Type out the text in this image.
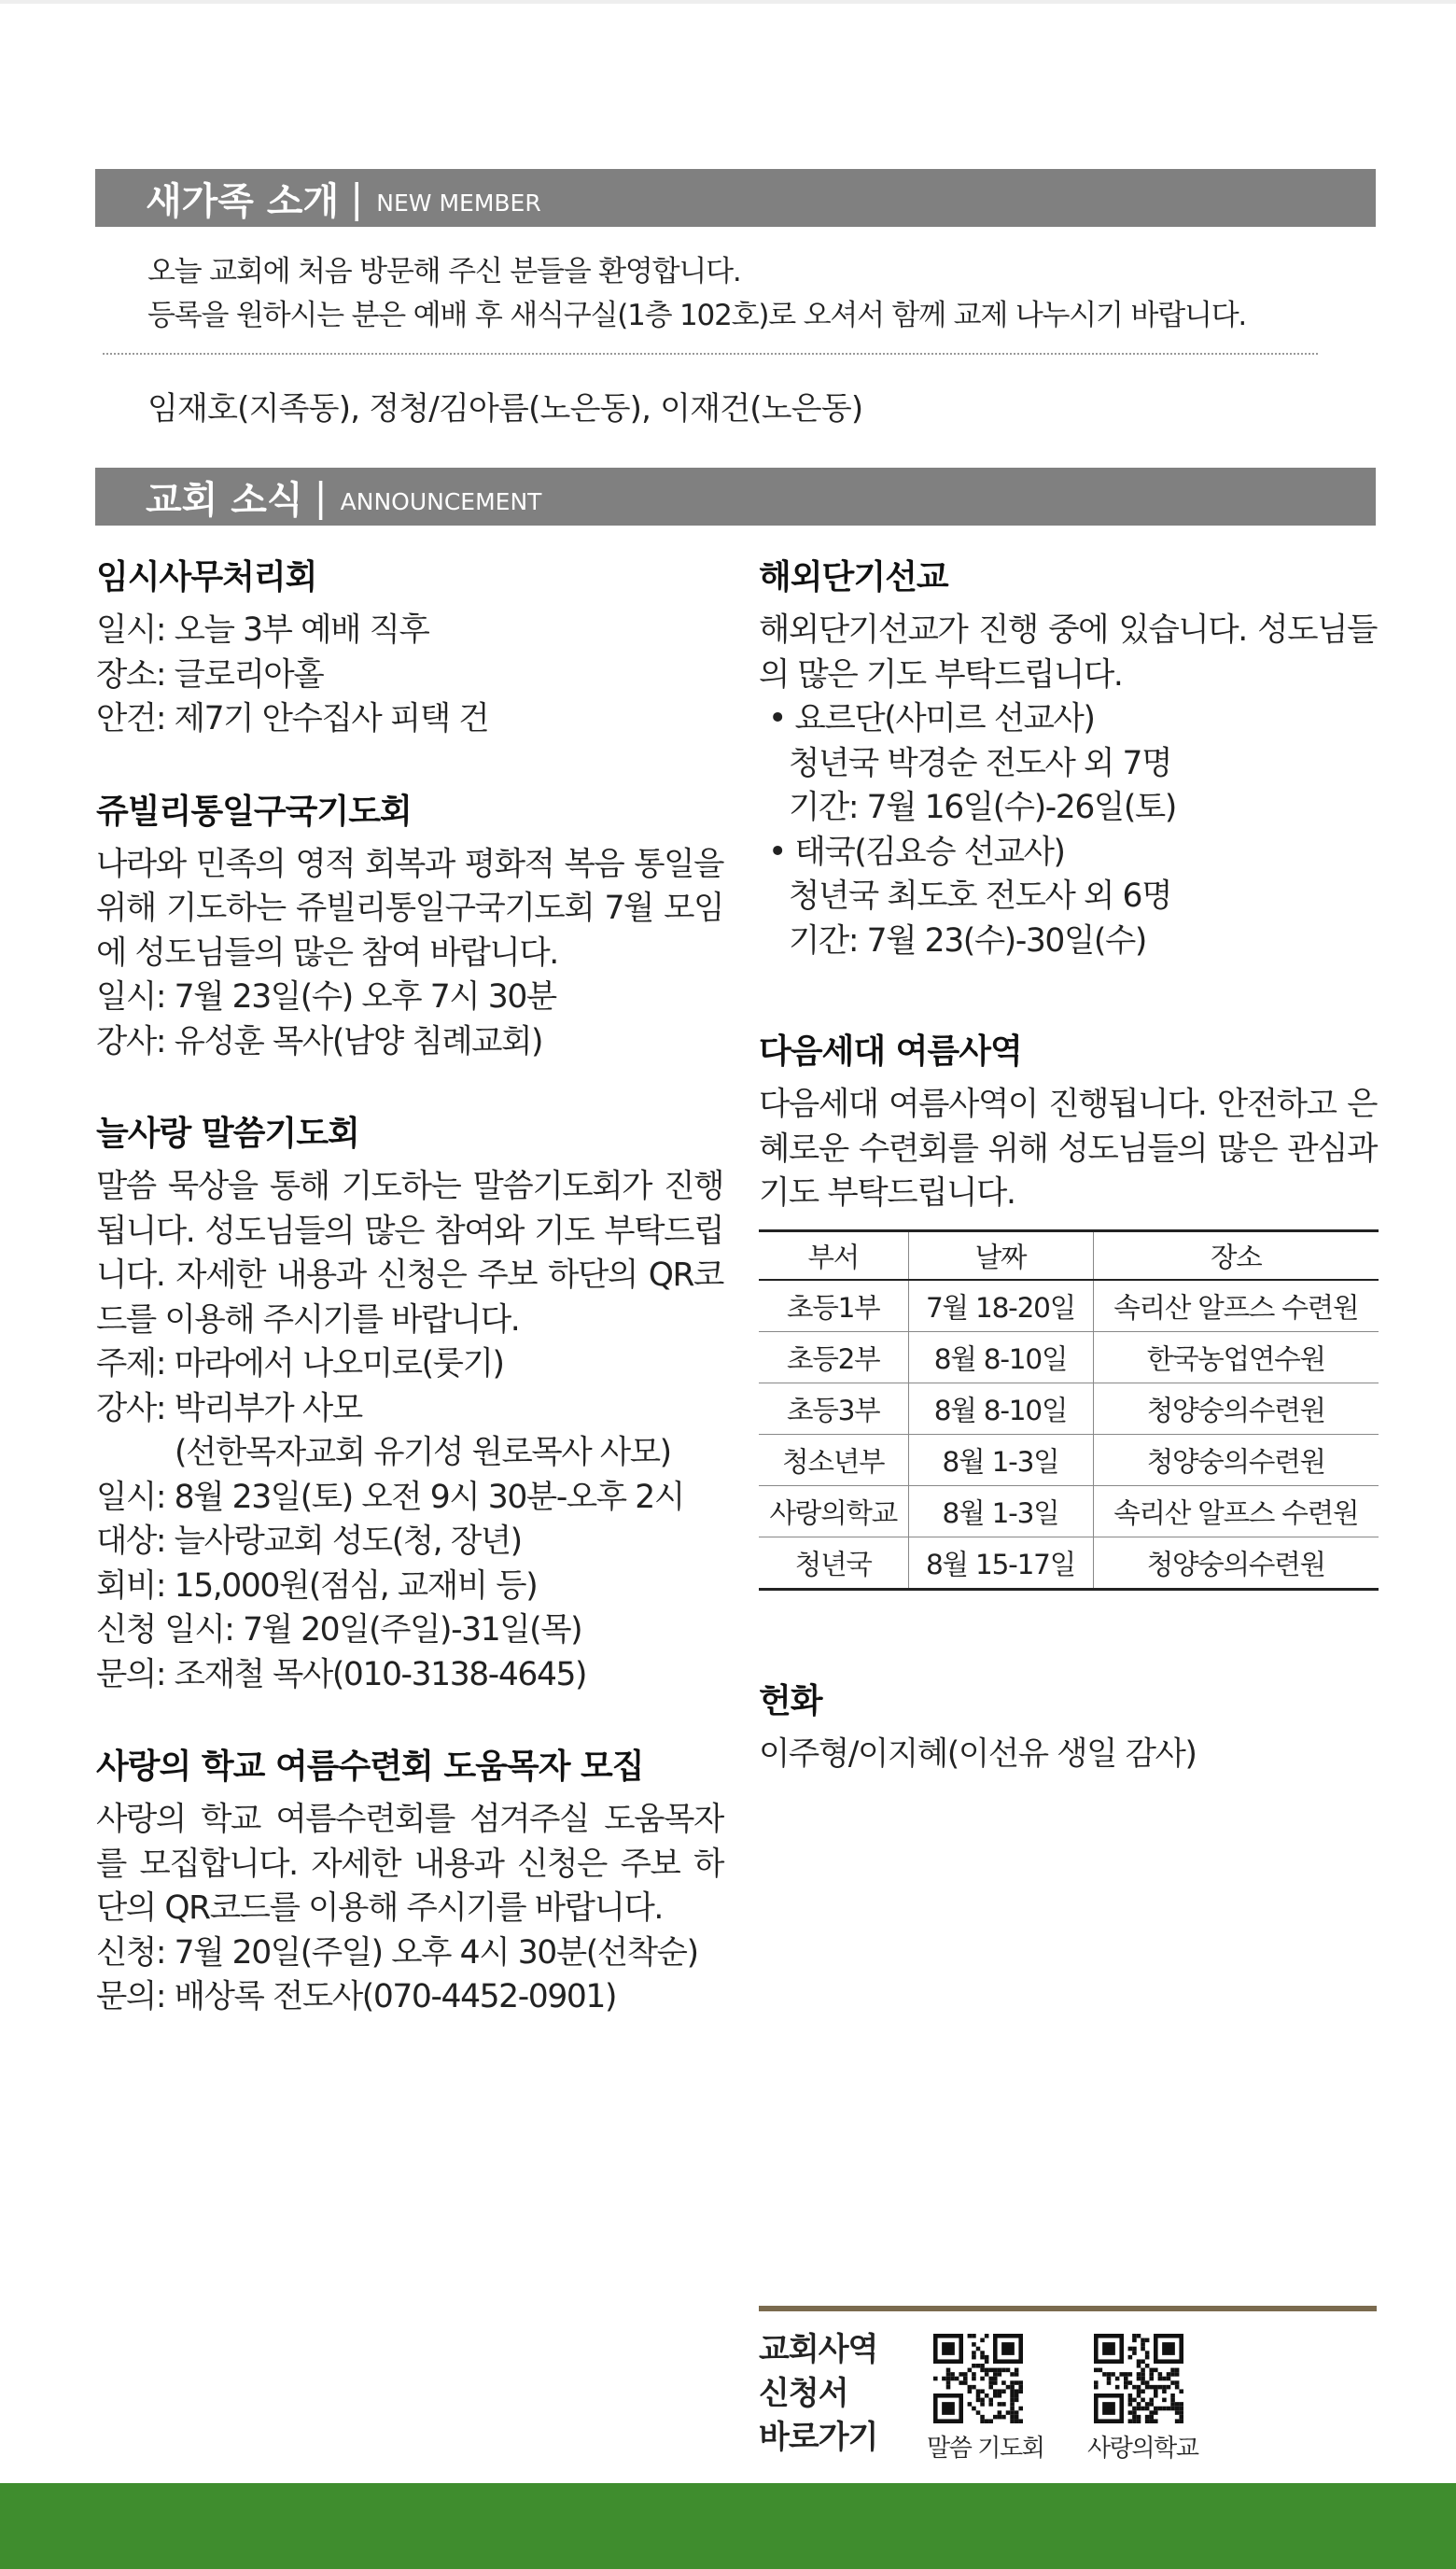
새가족 소개 | NEW MEMBER
오늘 교회에 처음 방문해 주신 분들을 환영합니다.
등록을 원하시는 분은 예배 후 새식구실(1층 102호)로 오셔서 함께 교제 나누시기 바랍니다.
임재호(지족동), 정청/김아름(노은동), 이재건(노은동)
교회 소식 | ANNOUNCEMENT
임시사무처리회
일시: 오늘 3부 예배 직후
장소: 글로리아홀
안건: 제7기 안수집사 피택 건
쥬빌리통일구국기도회

나라와 민족의 영적 회복과 평화적 복음 통일을 위해 기도하는 쥬빌리통일구국기도회 7월 모임에 성도님들의 많은 참여 바랍니다.

일시: 7월 23일(수) 오후 7시 30분
강사: 유성훈 목사(남양 침례교회)
늘사랑 말씀기도회

말씀 묵상을 통해 기도하는 말씀기도회가 진행됩니다. 성도님들의 많은 참여와 기도 부탁드립니다. 자세한 내용과 신청은 주보 하단의 QR코드를 이용해 주시기를 바랍니다.

주제: 마라에서 나오미로(룻기)
강사: 박리부가 사모
(선한목자교회 유기성 원로목사 사모)
일시: 8월 23일(토) 오전 9시 30분-오후 2시
대상: 늘사랑교회 성도(청, 장년)
회비: 15,000원(점심, 교재비 등)
신청 일시: 7월 20일(주일)-31일(목)
문의: 조재철 목사(010-3138-4645)
사랑의 학교 여름수련회 도움목자 모집

사랑의 학교 여름수련회를 섬겨주실 도움목자를 모집합니다. 자세한 내용과 신청은 주보 하단의 QR코드를 이용해 주시기를 바랍니다.

신청: 7월 20일(주일) 오후 4시 30분(선착순)
문의: 배상록 전도사(070-4452-0901)
해외단기선교

해외단기선교가 진행 중에 있습니다. 성도님들의 많은 기도 부탁드립니다.

• 요르단(사미르 선교사)
청년국 박경순 전도사 외 7명
기간: 7월 16일(수)-26일(토)
• 태국(김요승 선교사)
청년국 최도호 전도사 외 6명
기간: 7월 23(수)-30일(수)
다음세대 여름사역

다음세대 여름사역이 진행됩니다. 안전하고 은혜로운 수련회를 위해 성도님들의 많은 관심과 기도 부탁드립니다.

부서	날짜	장소
초등1부	7월 18-20일	속리산 알프스 수련원
초등2부	8월 8-10일	한국농업연수원
초등3부	8월 8-10일	청양숭의수련원
청소년부	8월 1-3일	청양숭의수련원
사랑의학교	8월 1-3일	속리산 알프스 수련원
청년국	8월 15-17일	청양숭의수련원
헌화
이주형/이지혜(이선유 생일 감사)
교회사역
신청서
바로가기	말씀 기도회 사랑의학교
